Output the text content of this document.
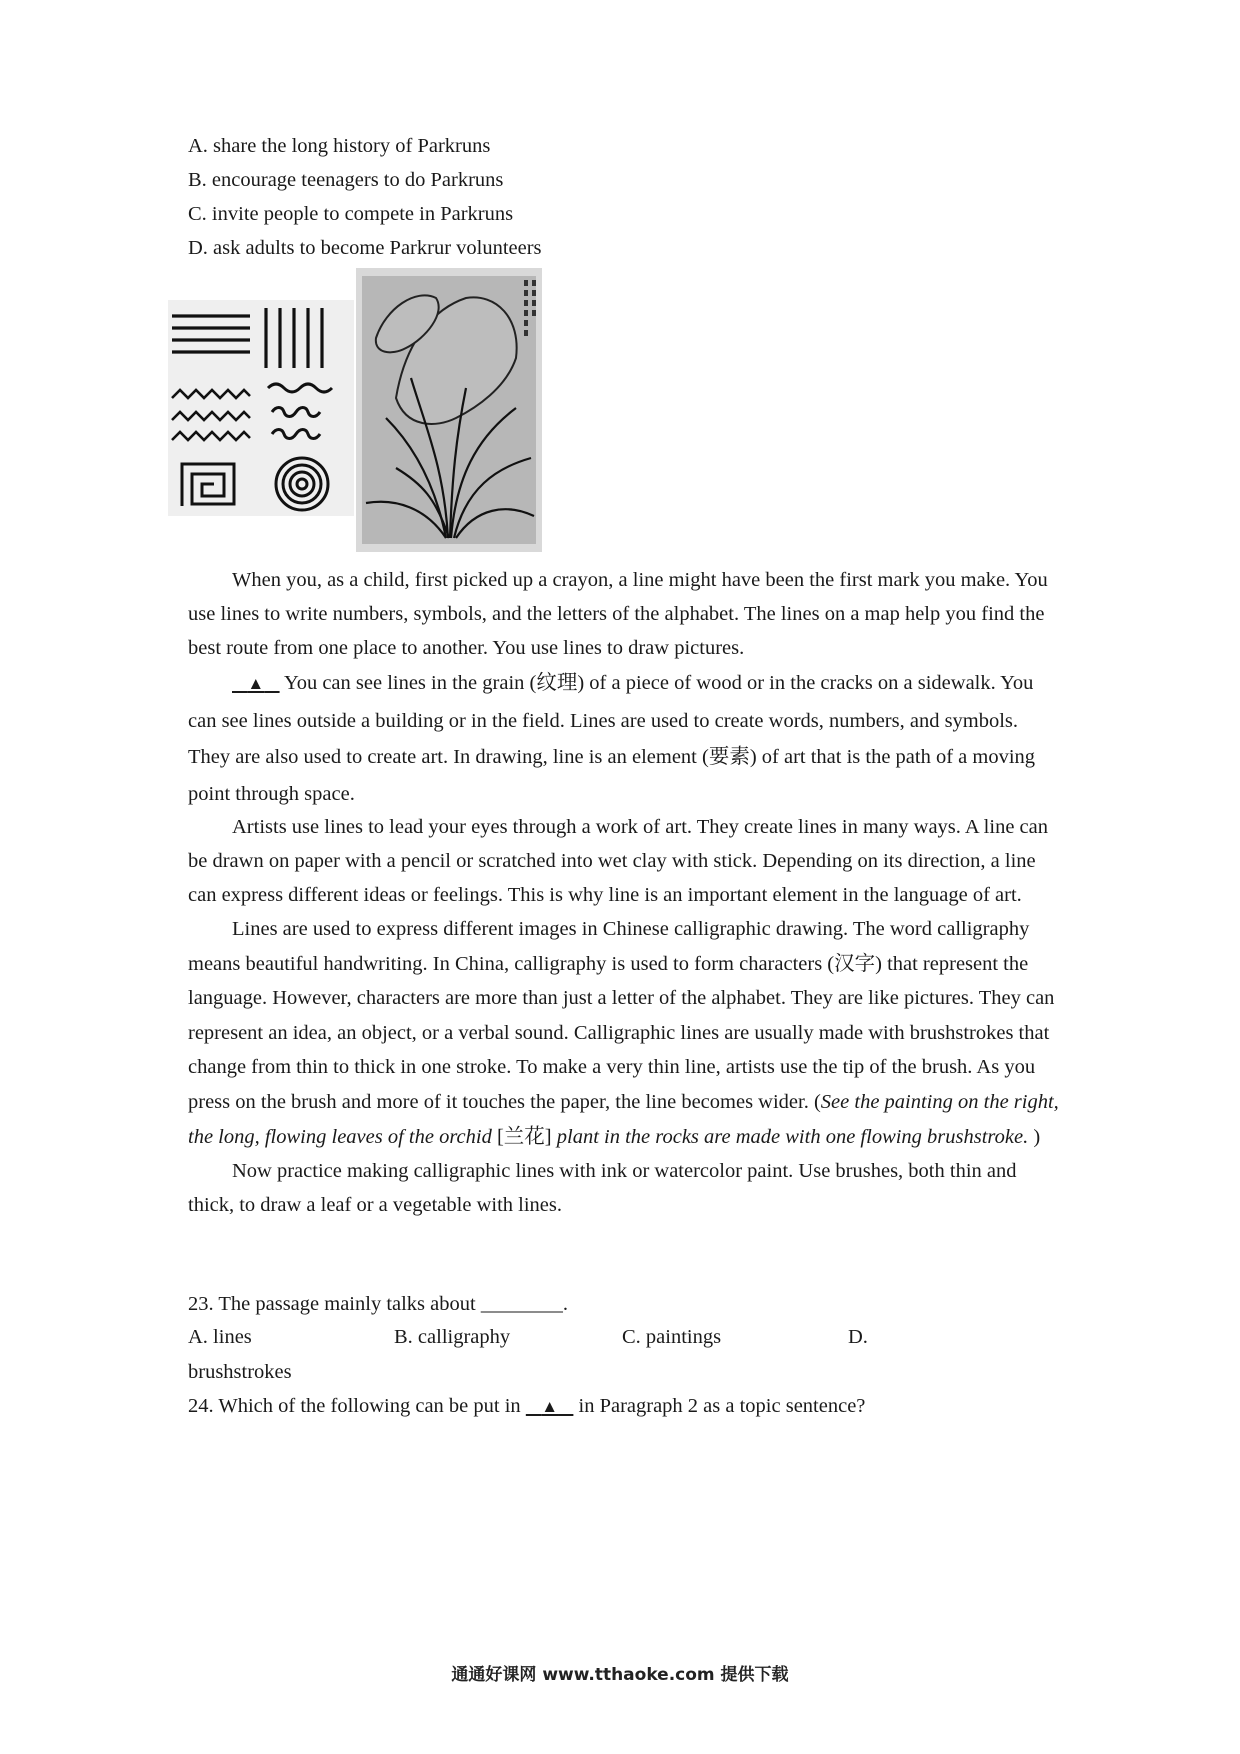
A. share the long history of Parkruns
B. encourage teenagers to do Parkruns
C. invite people to compete in Parkruns
D. ask adults to become Parkrur volunteers

When you, as a child, first picked up a crayon, a line might have been the first mark you make. You use lines to write numbers, symbols, and the letters of the alphabet. The lines on a map help you find the best route from one place to another. You use lines to draw pictures.

▲    You can see lines in the grain (纹理) of a piece of wood or in the cracks on a sidewalk. You can see lines outside a building or in the field. Lines are used to create words, numbers, and symbols. They are also used to create art. In drawing, line is an element (要素) of art that is the path of a moving point through space.

Artists use lines to lead your eyes through a work of art. They create lines in many ways. A line can be drawn on paper with a pencil or scratched into wet clay with stick. Depending on its direction, a line can express different ideas or feelings. This is why line is an important element in the language of art.

Lines are used to express different images in Chinese calligraphic drawing. The word calligraphy means beautiful handwriting. In China, calligraphy is used to form characters (汉字) that represent the language. However, characters are more than just a letter of the alphabet. They are like pictures. They can represent an idea, an object, or a verbal sound. Calligraphic lines are usually made with brushstrokes that change from thin to thick in one stroke. To make a very thin line, artists use the tip of the brush. As you press on the brush and more of it touches the paper, the line becomes wider. (See the painting on the right, the long, flowing leaves of the orchid [兰花] plant in the rocks are made with one flowing brushstroke. )

Now practice making calligraphic lines with ink or watercolor paint. Use brushes, both thin and thick, to draw a leaf or a vegetable with lines.

23. The passage mainly talks about ________.
A. lines	B. calligraphy	C. paintings	D.
brushstrokes
24. Which of the following can be put in    ▲    in Paragraph 2 as a topic sentence?
通通好课网 www.tthaoke.com 提供下载
